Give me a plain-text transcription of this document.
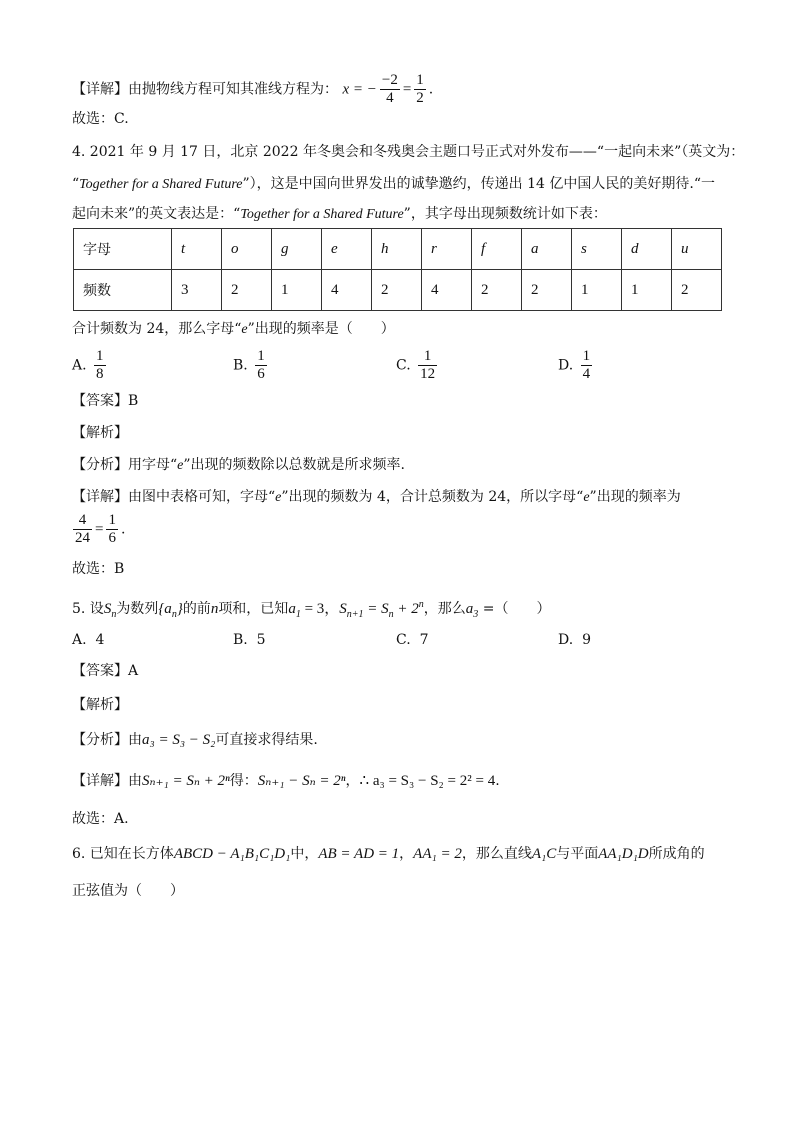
【详解】由抛物线方程可知其准线方程为： x = − $\frac{-2}{4} = \frac{1}{2}$ .
故选：C.
4. 2021 年 9 月 17 日，北京 2022 年冬奥会和冬残奥会主题口号正式对外发布——“一起向未来”（英文为：
“Together for a Shared Future”），这是中国向世界发出的诚挚邀约，传递出 14 亿中国人民的美好期待.“一
起向未来”的英文表达是：“Together for a Shared Future”，其字母出现频数统计如下表：
字母	t	o	g	e	h	r	f	a	s	d	u
频数	3	2	1	4	2	4	2	2	1	1	2
合计频数为 24，那么字母“e”出现的频率是（　　）
A. $\frac{1}{8}$	B. $\frac{1}{6}$	C. $\frac{1}{12}$	D. $\frac{1}{4}$
【答案】B
【解析】
【分析】用字母“e”出现的频数除以总数就是所求频率.
【详解】由图中表格可知，字母“e”出现的频数为 4，合计总频数为 24，所以字母“e”出现的频率为
$\frac{4}{24} = \frac{1}{6}$ .
故选：B
5. 设$S_n$为数列$\{a_n\}$的前n项和，已知$a_1 = 3$，$S_{n+1} = S_n + 2^n$，那么$a_3$ =（　　）
A. 4	B. 5	C. 7	D. 9
【答案】A
【解析】
【分析】由a₃ = S₃ − S₂可直接求得结果.
【详解】由Sₙ₊₁ = Sₙ + 2ⁿ得：Sₙ₊₁ − Sₙ = 2ⁿ，∴ a₃ = S₃ − S₂ = 2² = 4.
故选：A.
6. 已知在长方体ABCD − A₁B₁C₁D₁中，AB = AD = 1，AA₁ = 2，那么直线A₁C与平面AA₁D₁D所成角的
正弦值为（　　）
